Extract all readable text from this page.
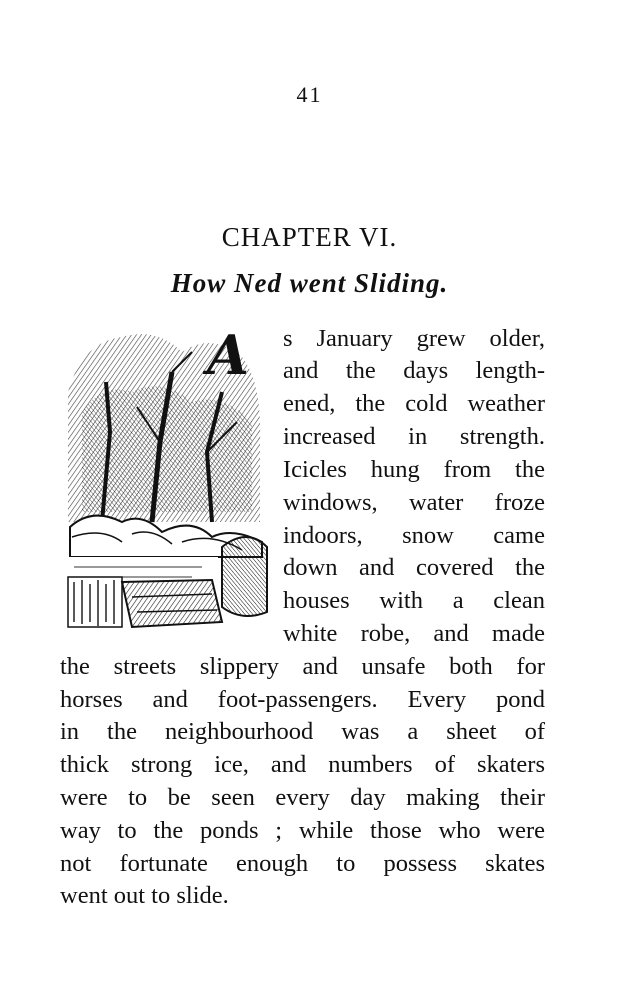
41
CHAPTER VI.
How Ned went Sliding.
A s January grew older,
and the days length-
ened, the cold weather
increased in strength.
Icicles hung from the
windows, water froze
indoors, snow came
down and covered the
houses with a clean
white robe, and made
the streets slippery and unsafe both for
horses and foot-passengers. Every pond
in the neighbourhood was a sheet of
thick strong ice, and numbers of skaters
were to be seen every day making their
way to the ponds ; while those who were
not fortunate enough to possess skates
went out to slide.
